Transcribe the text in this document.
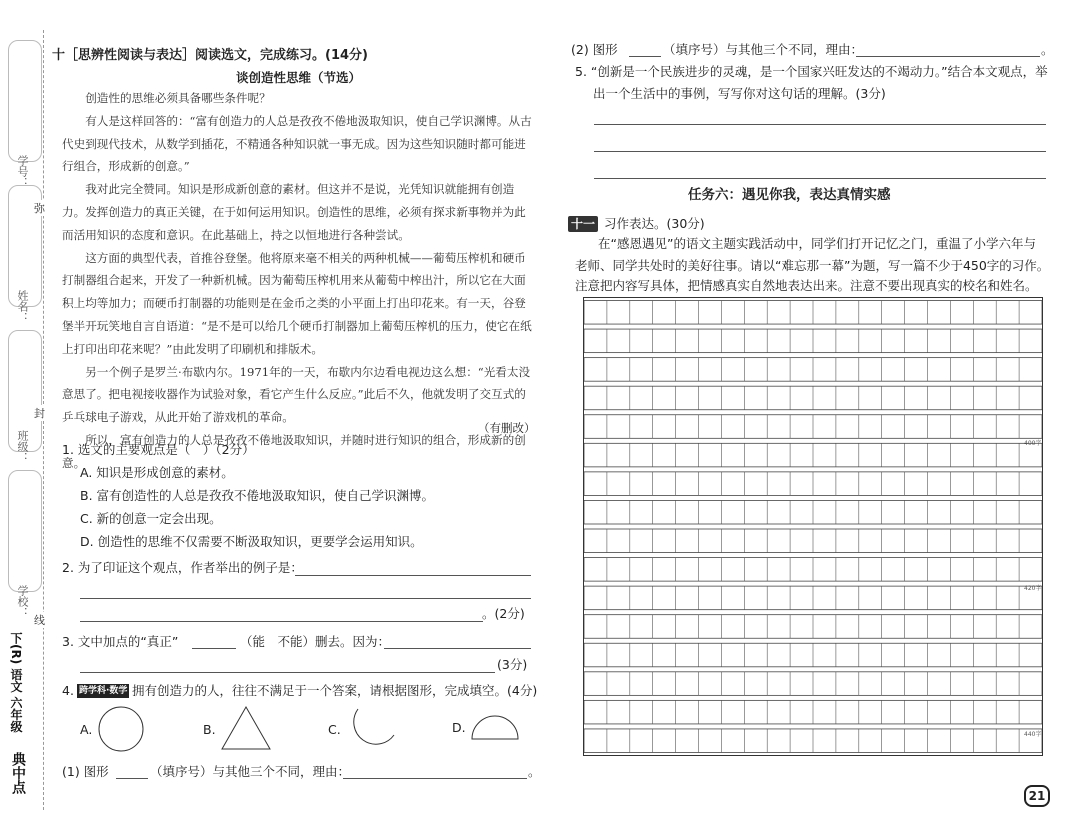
学号：
姓名：
班级：
学校：
弥
封
线
下(R) 语文 六年级
典中点
十［思辨性阅读与表达］阅读选文，完成练习。(14分)
谈创造性思维（节选）

创造性的思维必须具备哪些条件呢？

有人是这样回答的：“富有创造力的人总是孜孜不倦地汲取知识，使自己学识渊博。从古代史到现代技术，从数学到插花，不精通各种知识就一事无成。因为这些知识随时都可能进行组合，形成新的创意。”

我对此完全赞同。知识是形成新创意的素材。但这并不是说，光凭知识就能拥有创造力。发挥创造力的真正关键，在于如何运用知识。创造性的思维，必须有探求新事物并为此而活用知识的态度和意识。在此基础上，持之以恒地进行各种尝试。

这方面的典型代表，首推谷登堡。他将原来毫不相关的两种机械——葡萄压榨机和硬币打制器组合起来，开发了一种新机械。因为葡萄压榨机用来从葡萄中榨出汁，所以它在大面积上均等加力；而硬币打制器的功能则是在金币之类的小平面上打出印花来。有一天，谷登堡半开玩笑地自言自语道：“是不是可以给几个硬币打制器加上葡萄压榨机的压力，使它在纸上打印出印花来呢？”由此发明了印刷机和排版术。

另一个例子是罗兰·布歇内尔。1971年的一天，布歇内尔边看电视边这么想：“光看太没意思了。把电视接收器作为试验对象，看它产生什么反应。”此后不久，他就发明了交互式的乒乓球电子游戏，从此开始了游戏机的革命。

所以，富有创造力的人总是孜孜不倦地汲取知识，并随时进行知识的组合，形成新的创意。

（有删改）
1. 选文的主要观点是（　）（2分）
A. 知识是形成创意的素材。
B. 富有创造性的人总是孜孜不倦地汲取知识，使自己学识渊博。
C. 新的创意一定会出现。
D. 创造性的思维不仅需要不断汲取知识，更要学会运用知识。
2. 为了印证这个观点，作者举出的例子是：
。(2分)
3. 文中加点的“真正”	（能　不能）删去。因为：
(3分)
4. 跨学科·数学 拥有创造力的人，往往不满足于一个答案，请根据图形，完成填空。(4分)
A.	B.	C.	D.
(1) 图形	（填序号）与其他三个不同，理由：	。
(2) 图形	（填序号）与其他三个不同，理由：	。
5. “创新是一个民族进步的灵魂，是一个国家兴旺发达的不竭动力。”结合本文观点，举
出一个生活中的事例，写写你对这句话的理解。(3分)
任务六：遇见你我，表达真情实感
十一 习作表达。(30分)
在“感恩遇见”的语文主题实践活动中，同学们打开记忆之门，重温了小学六年与
老师、同学共处时的美好往事。请以“难忘那一幕”为题，写一篇不少于450字的习作。
注意把内容写具体，把情感真实自然地表达出来。注意不要出现真实的校名和姓名。
400字
420字
440字
21
